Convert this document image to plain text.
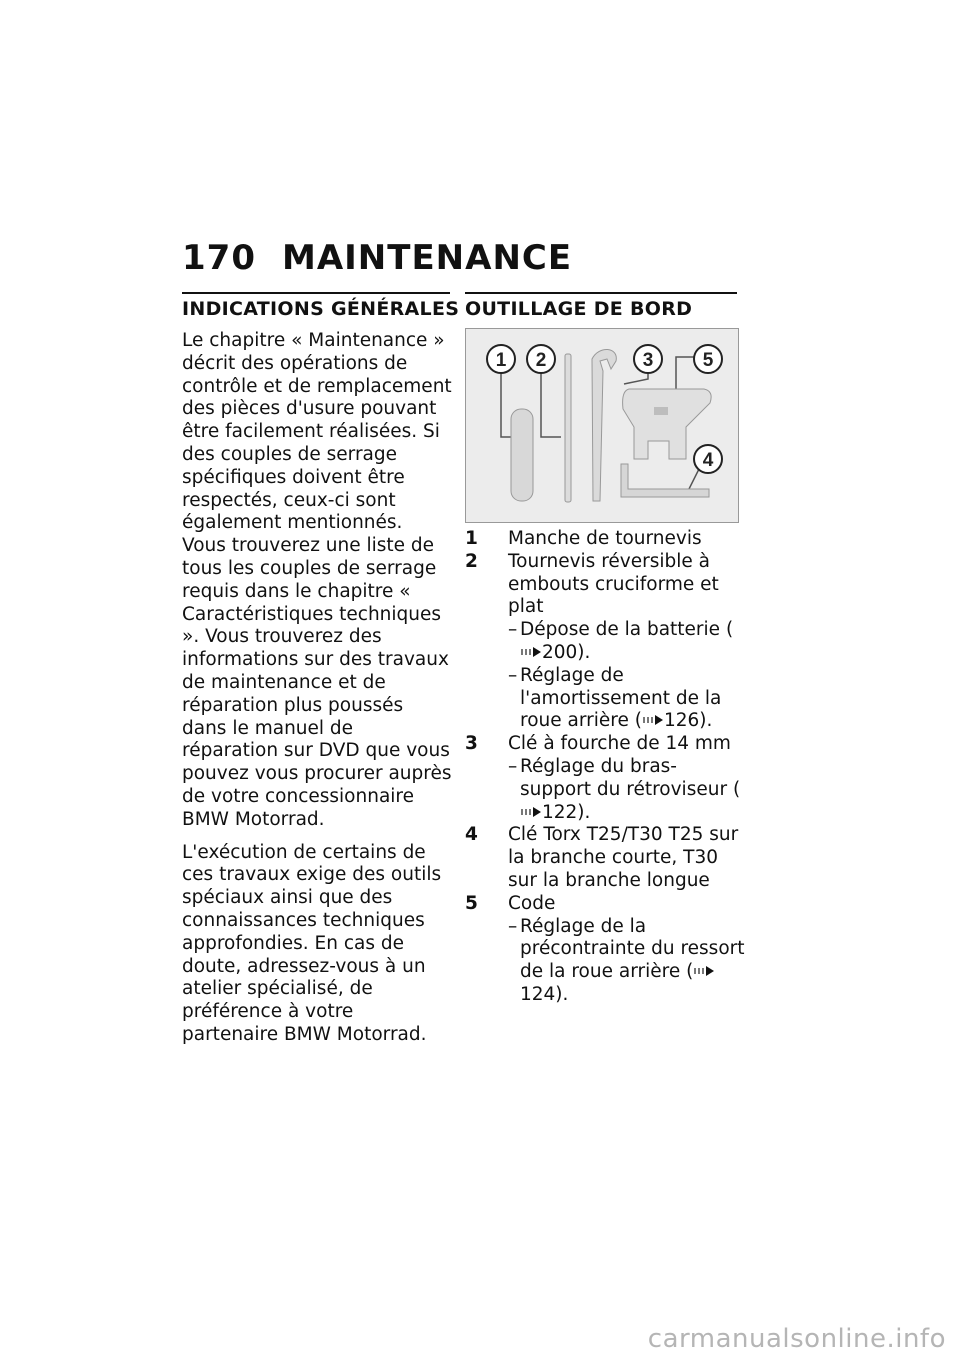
170 MAINTENANCE
INDICATIONS GÉNÉRALES

Le chapitre « Maintenance » décrit des opérations de contrôle et de remplacement des pièces d'usure pouvant être facilement réalisées. Si des couples de serrage spécifiques doivent être respectés, ceux-ci sont également mentionnés. Vous trouverez une liste de tous les couples de serrage requis dans le chapitre « Caractéristiques techniques ». Vous trouverez des informations sur des travaux de maintenance et de réparation plus poussés dans le manuel de réparation sur DVD que vous pouvez vous procurer auprès de votre concessionnaire BMW Motorrad.

L'exécution de certains de ces travaux exige des outils spéciaux ainsi que des connaissances techniques approfondies. En cas de doute, adressez-vous à un atelier spécialisé, de préférence à votre partenaire BMW Motorrad.

OUTILLAGE DE BORD
1 2	3	5
4
1	Manche de tournevis
2	Tournevis réversible à embouts cruciforme et plat
– Dépose de la batterie (200).
– Réglage de l'amortissement de la roue arrière ( 126).
3	Clé à fourche de 14 mm
– Réglage du bras-support du rétroviseur (122).
4	Clé Torx T25/T30 T25 sur la branche courte, T30 sur la branche longue
5	Code
– Réglage de la précontrainte du ressort de la roue arrière (124).
carmanualsonline.info
